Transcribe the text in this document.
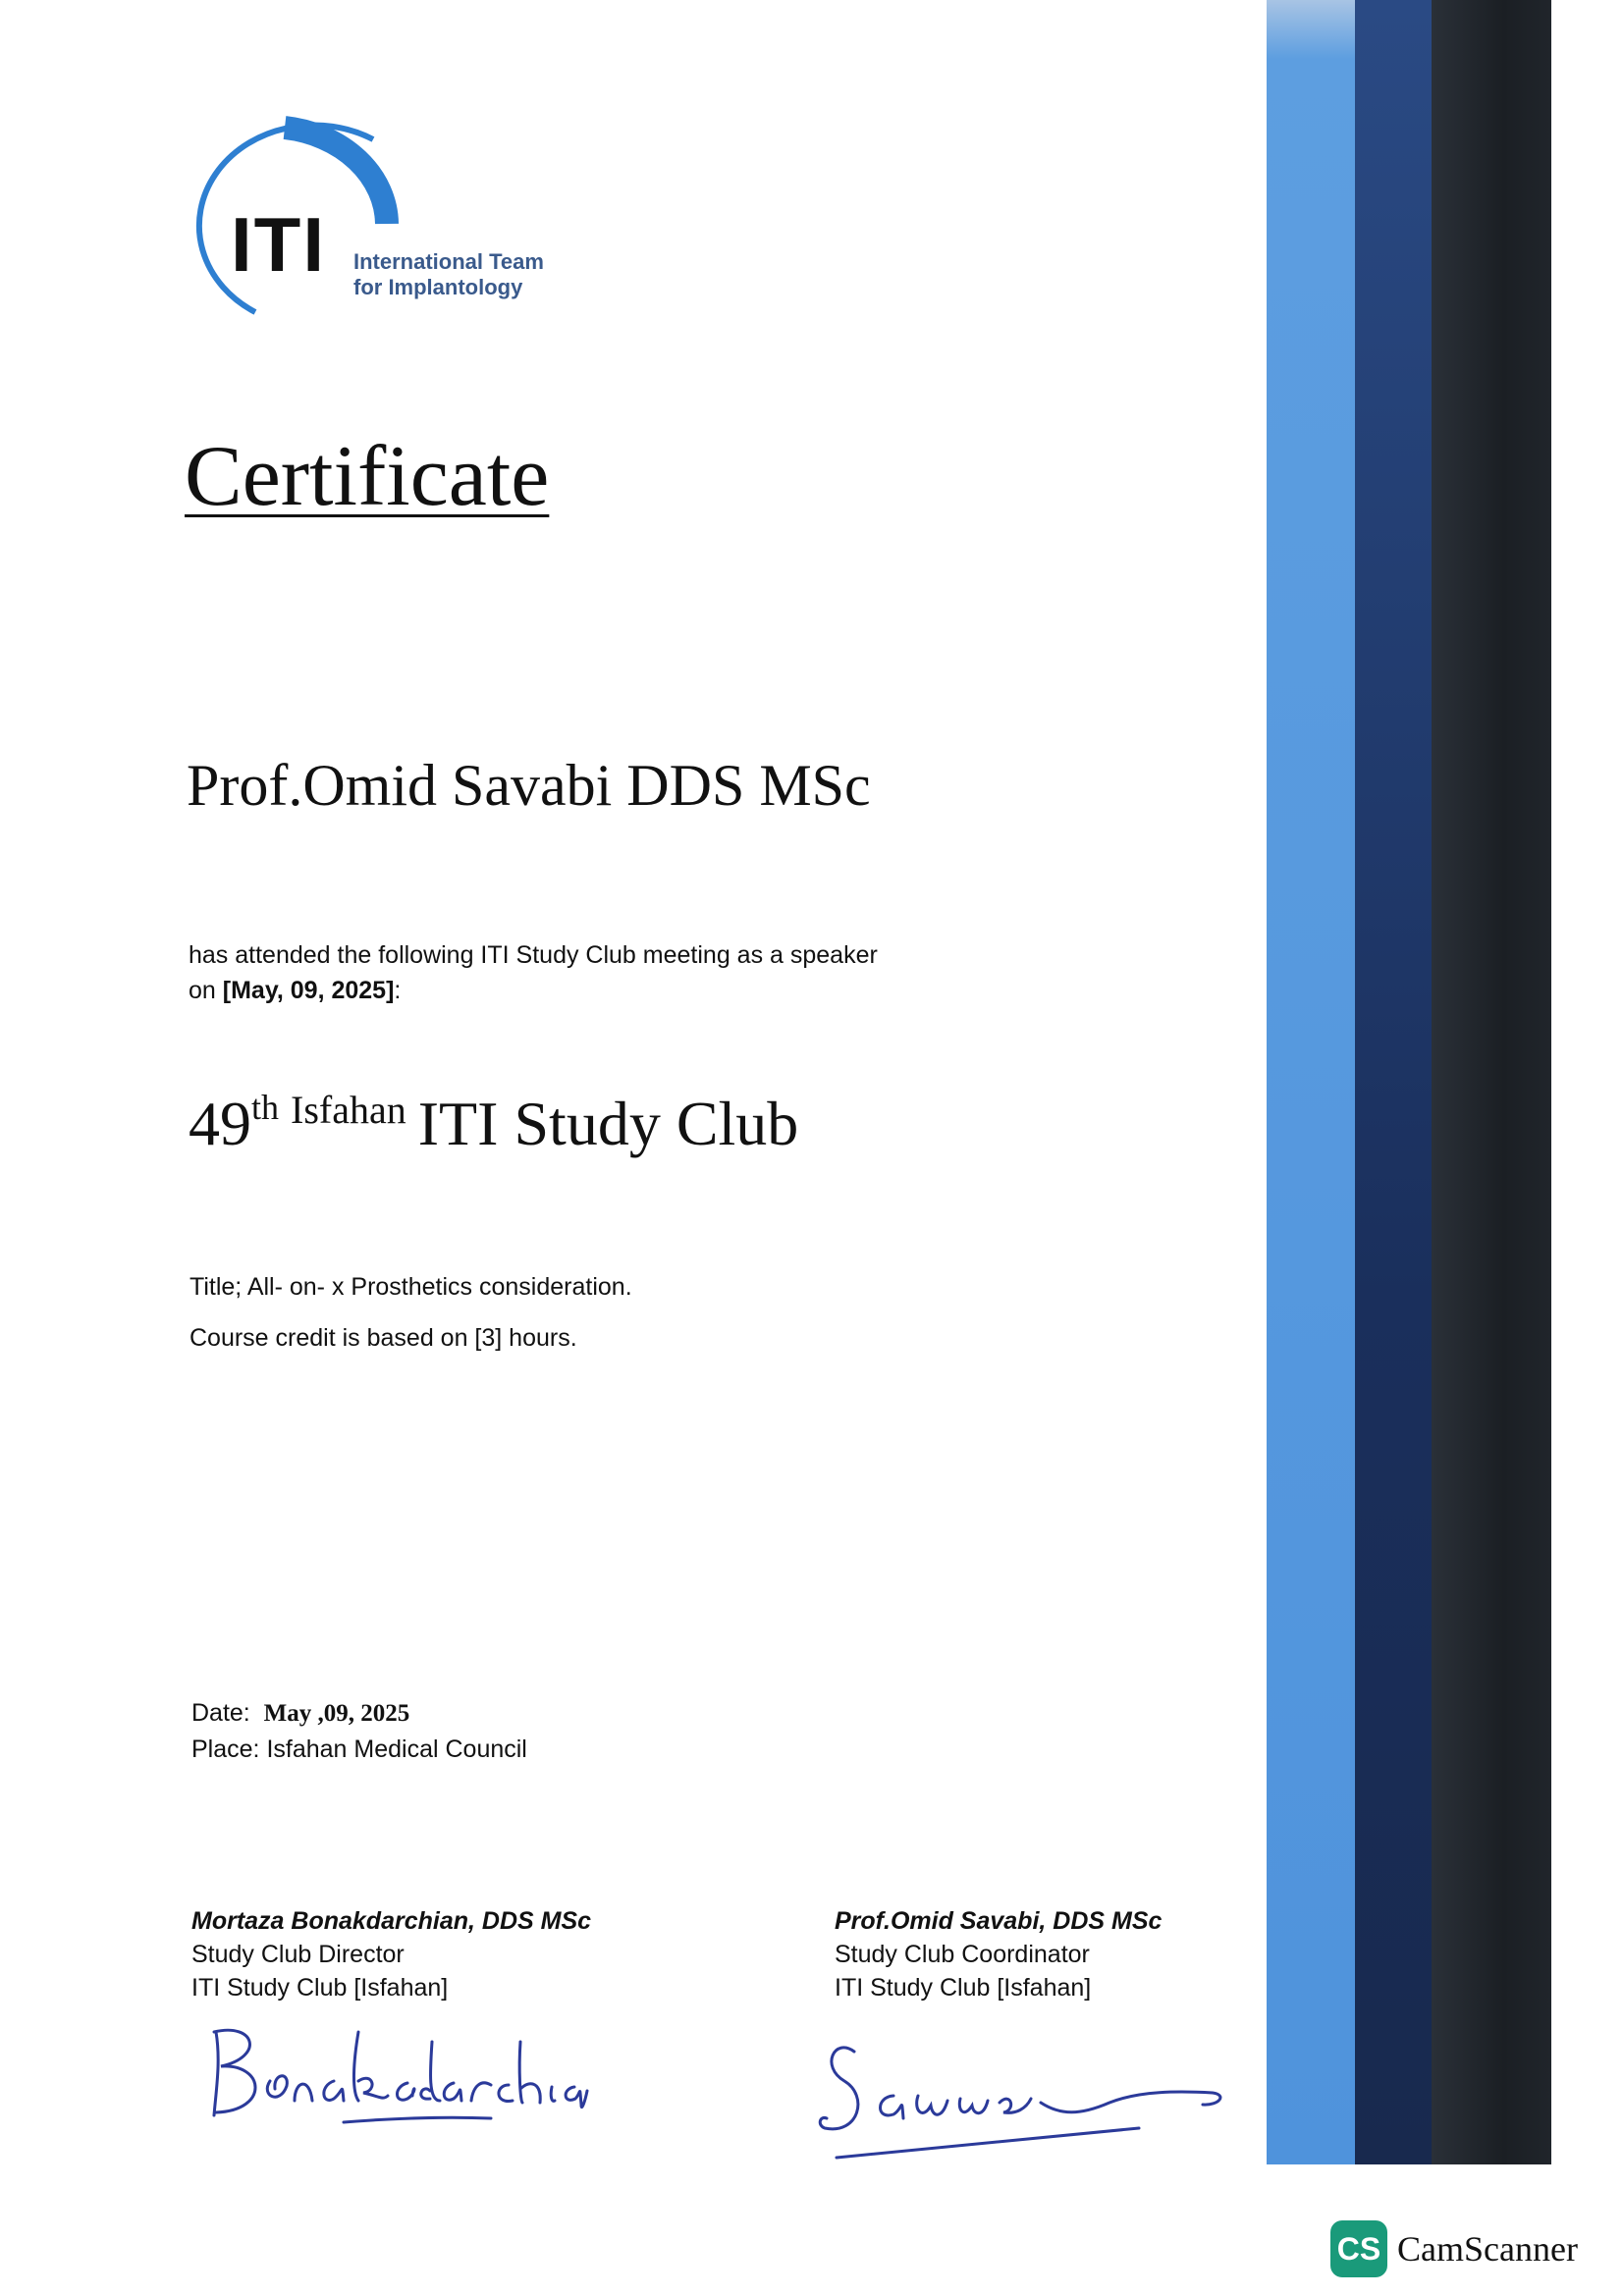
ITI International Team
for Implantology
Certificate
Prof.Omid Savabi DDS MSc
has attended the following ITI Study Club meeting as a speaker
on [May, 09, 2025]:
49th $^{Isfahan}$ ITI Study Club
Title; All- on- x Prosthetics consideration.
Course credit is based on [3] hours.
Date: May ,09, 2025
Place: Isfahan Medical Council
Mortaza Bonakdarchian, DDS MSc
Study Club Director
ITI Study Club [Isfahan]
Prof.Omid Savabi, DDS MSc
Study Club Coordinator
ITI Study Club [Isfahan]
CS CamScanner
